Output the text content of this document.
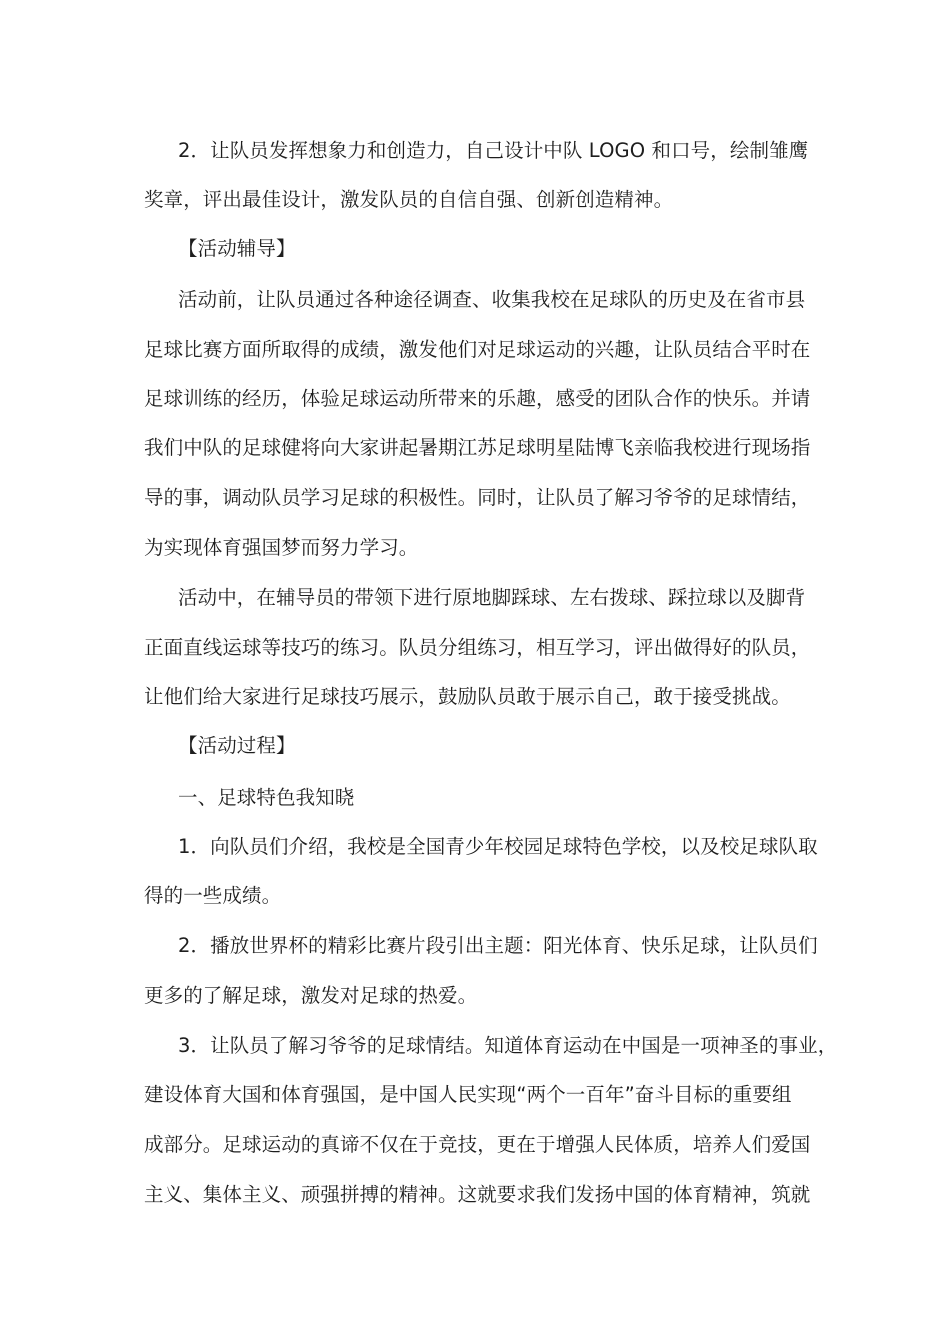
2．让队员发挥想象力和创造力，自己设计中队 LOGO 和口号，绘制雏鹰

奖章，评出最佳设计，激发队员的自信自强、创新创造精神。

【活动辅导】

活动前，让队员通过各种途径调查、收集我校在足球队的历史及在省市县

足球比赛方面所取得的成绩，激发他们对足球运动的兴趣，让队员结合平时在

足球训练的经历，体验足球运动所带来的乐趣，感受的团队合作的快乐。并请

我们中队的足球健将向大家讲起暑期江苏足球明星陆博飞亲临我校进行现场指

导的事，调动队员学习足球的积极性。同时，让队员了解习爷爷的足球情结，

为实现体育强国梦而努力学习。

活动中，在辅导员的带领下进行原地脚踩球、左右拨球、踩拉球以及脚背

正面直线运球等技巧的练习。队员分组练习，相互学习，评出做得好的队员，

让他们给大家进行足球技巧展示，鼓励队员敢于展示自己，敢于接受挑战。

【活动过程】

一、足球特色我知晓

1．向队员们介绍，我校是全国青少年校园足球特色学校，以及校足球队取

得的一些成绩。

2．播放世界杯的精彩比赛片段引出主题：阳光体育、快乐足球，让队员们

更多的了解足球，激发对足球的热爱。

3．让队员了解习爷爷的足球情结。知道体育运动在中国是一项神圣的事业，

建设体育大国和体育强国，是中国人民实现“两个一百年”奋斗目标的重要组

成部分。足球运动的真谛不仅在于竞技，更在于增强人民体质，培养人们爱国

主义、集体主义、顽强拼搏的精神。这就要求我们发扬中国的体育精神，筑就
